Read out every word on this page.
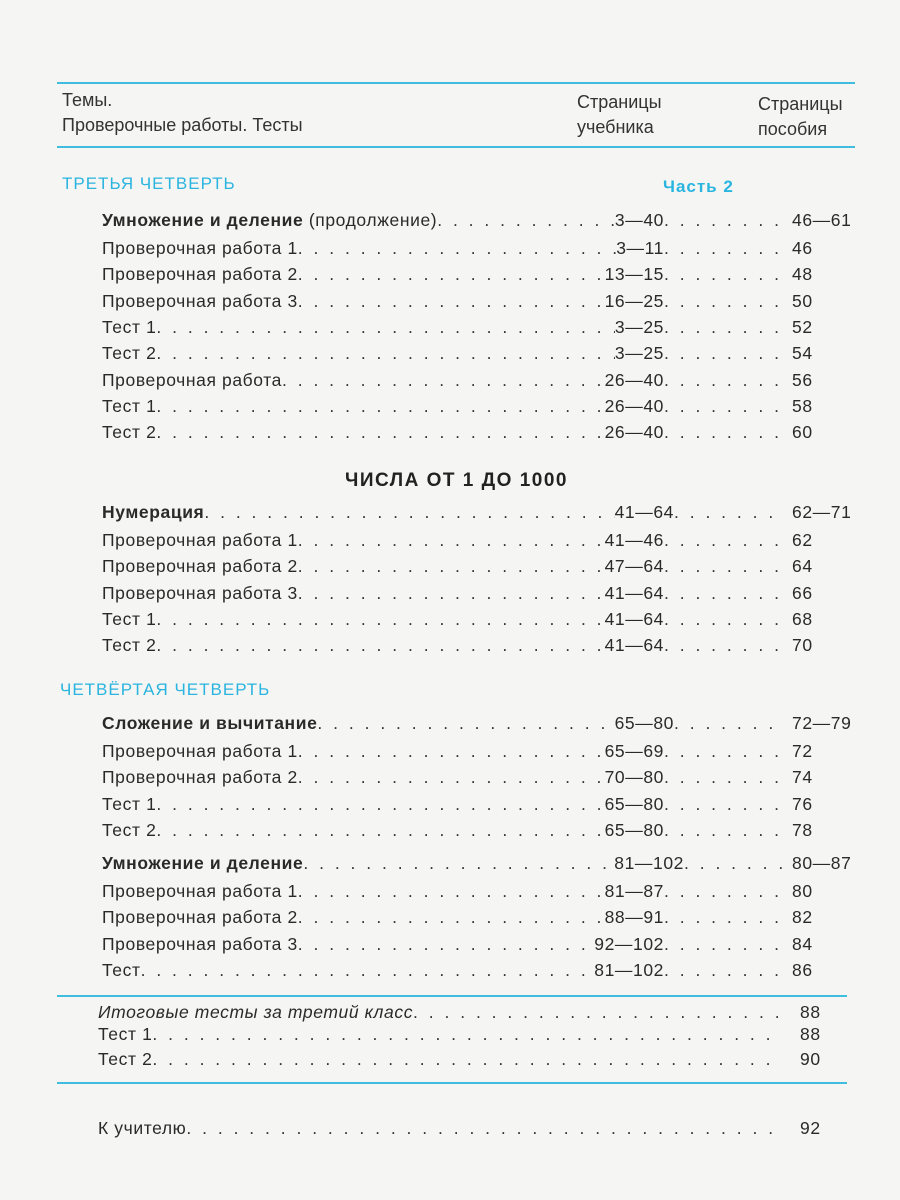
Темы.
Проверочные работы. Тесты
Страницы
учебника
Страницы
пособия
ТРЕТЬЯ ЧЕТВЕРТЬ	Часть 2
Умножение и деление (продолжение) . . .	3—40 . . .	46—61
Проверочная работа 1 . . .	3—11 . . .	46
Проверочная работа 2 . . .	13—15 . . .	48
Проверочная работа 3 . . .	16—25 . . .	50
Тест 1 . . .	3—25 . . .	52
Тест 2 . . .	3—25 . . .	54
Проверочная работа . . .	26—40 . . .	56
Тест 1 . . .	26—40 . . .	58
Тест 2 . . .	26—40 . . .	60
ЧИСЛА ОТ 1 ДО 1000
Нумерация . . .	41—64 . . .	62—71
Проверочная работа 1 . . .	41—46 . . .	62
Проверочная работа 2 . . .	47—64 . . .	64
Проверочная работа 3 . . .	41—64 . . .	66
Тест 1 . . .	41—64 . . .	68
Тест 2 . . .	41—64 . . .	70
ЧЕТВЁРТАЯ ЧЕТВЕРТЬ
Сложение и вычитание . . .	65—80 . . .	72—79
Проверочная работа 1 . . .	65—69 . . .	72
Проверочная работа 2 . . .	70—80 . . .	74
Тест 1 . . .	65—80 . . .	76
Тест 2 . . .	65—80 . . .	78
Умножение и деление . . .	81—102 . . .	80—87
Проверочная работа 1 . . .	81—87 . . .	80
Проверочная работа 2 . . .	88—91 . . .	82
Проверочная работа 3 . . .	92—102 . . .	84
Тест . . .	81—102 . . .	86
Итоговые тесты за третий класс . . .	88
Тест 1 . . .	88
Тест 2 . . .	90
К учителю . . .	92
